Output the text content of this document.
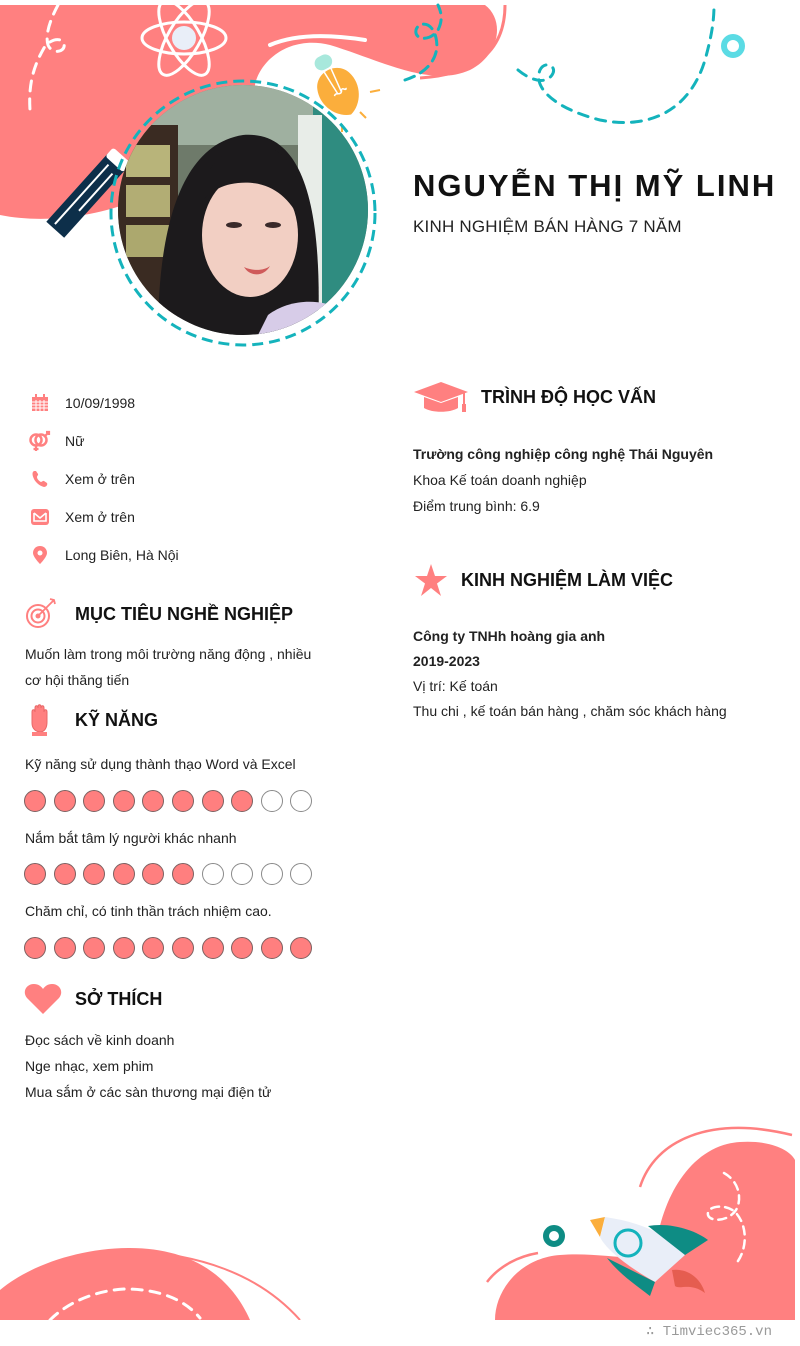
NGUYỄN THỊ MỸ LINH
KINH NGHIỆM BÁN HÀNG 7 NĂM
10/09/1998
Nữ
Xem ở trên
Xem ở trên
Long Biên, Hà Nội
MỤC TIÊU NGHỀ NGHIỆP
Muốn làm trong môi trường năng động , nhiều
cơ hội thăng tiến
KỸ NĂNG
Kỹ năng sử dụng thành thạo Word và Excel
Nắm bắt tâm lý người khác nhanh
Chăm chỉ, có tinh thần trách nhiệm cao.
SỞ THÍCH
Đọc sách về kinh doanh
Nge nhạc, xem phim
Mua sắm ở các sàn thương mại điện tử
TRÌNH ĐỘ HỌC VẤN
Trường công nghiệp công nghệ Thái Nguyên
Khoa Kế toán doanh nghiệp
Điểm trung bình: 6.9
KINH NGHIỆM LÀM VIỆC
Công ty TNHh hoàng gia anh
2019-2023
Vị trí: Kế toán
Thu chi , kế toán bán hàng , chăm sóc khách hàng
∴ Timviec365.vn
